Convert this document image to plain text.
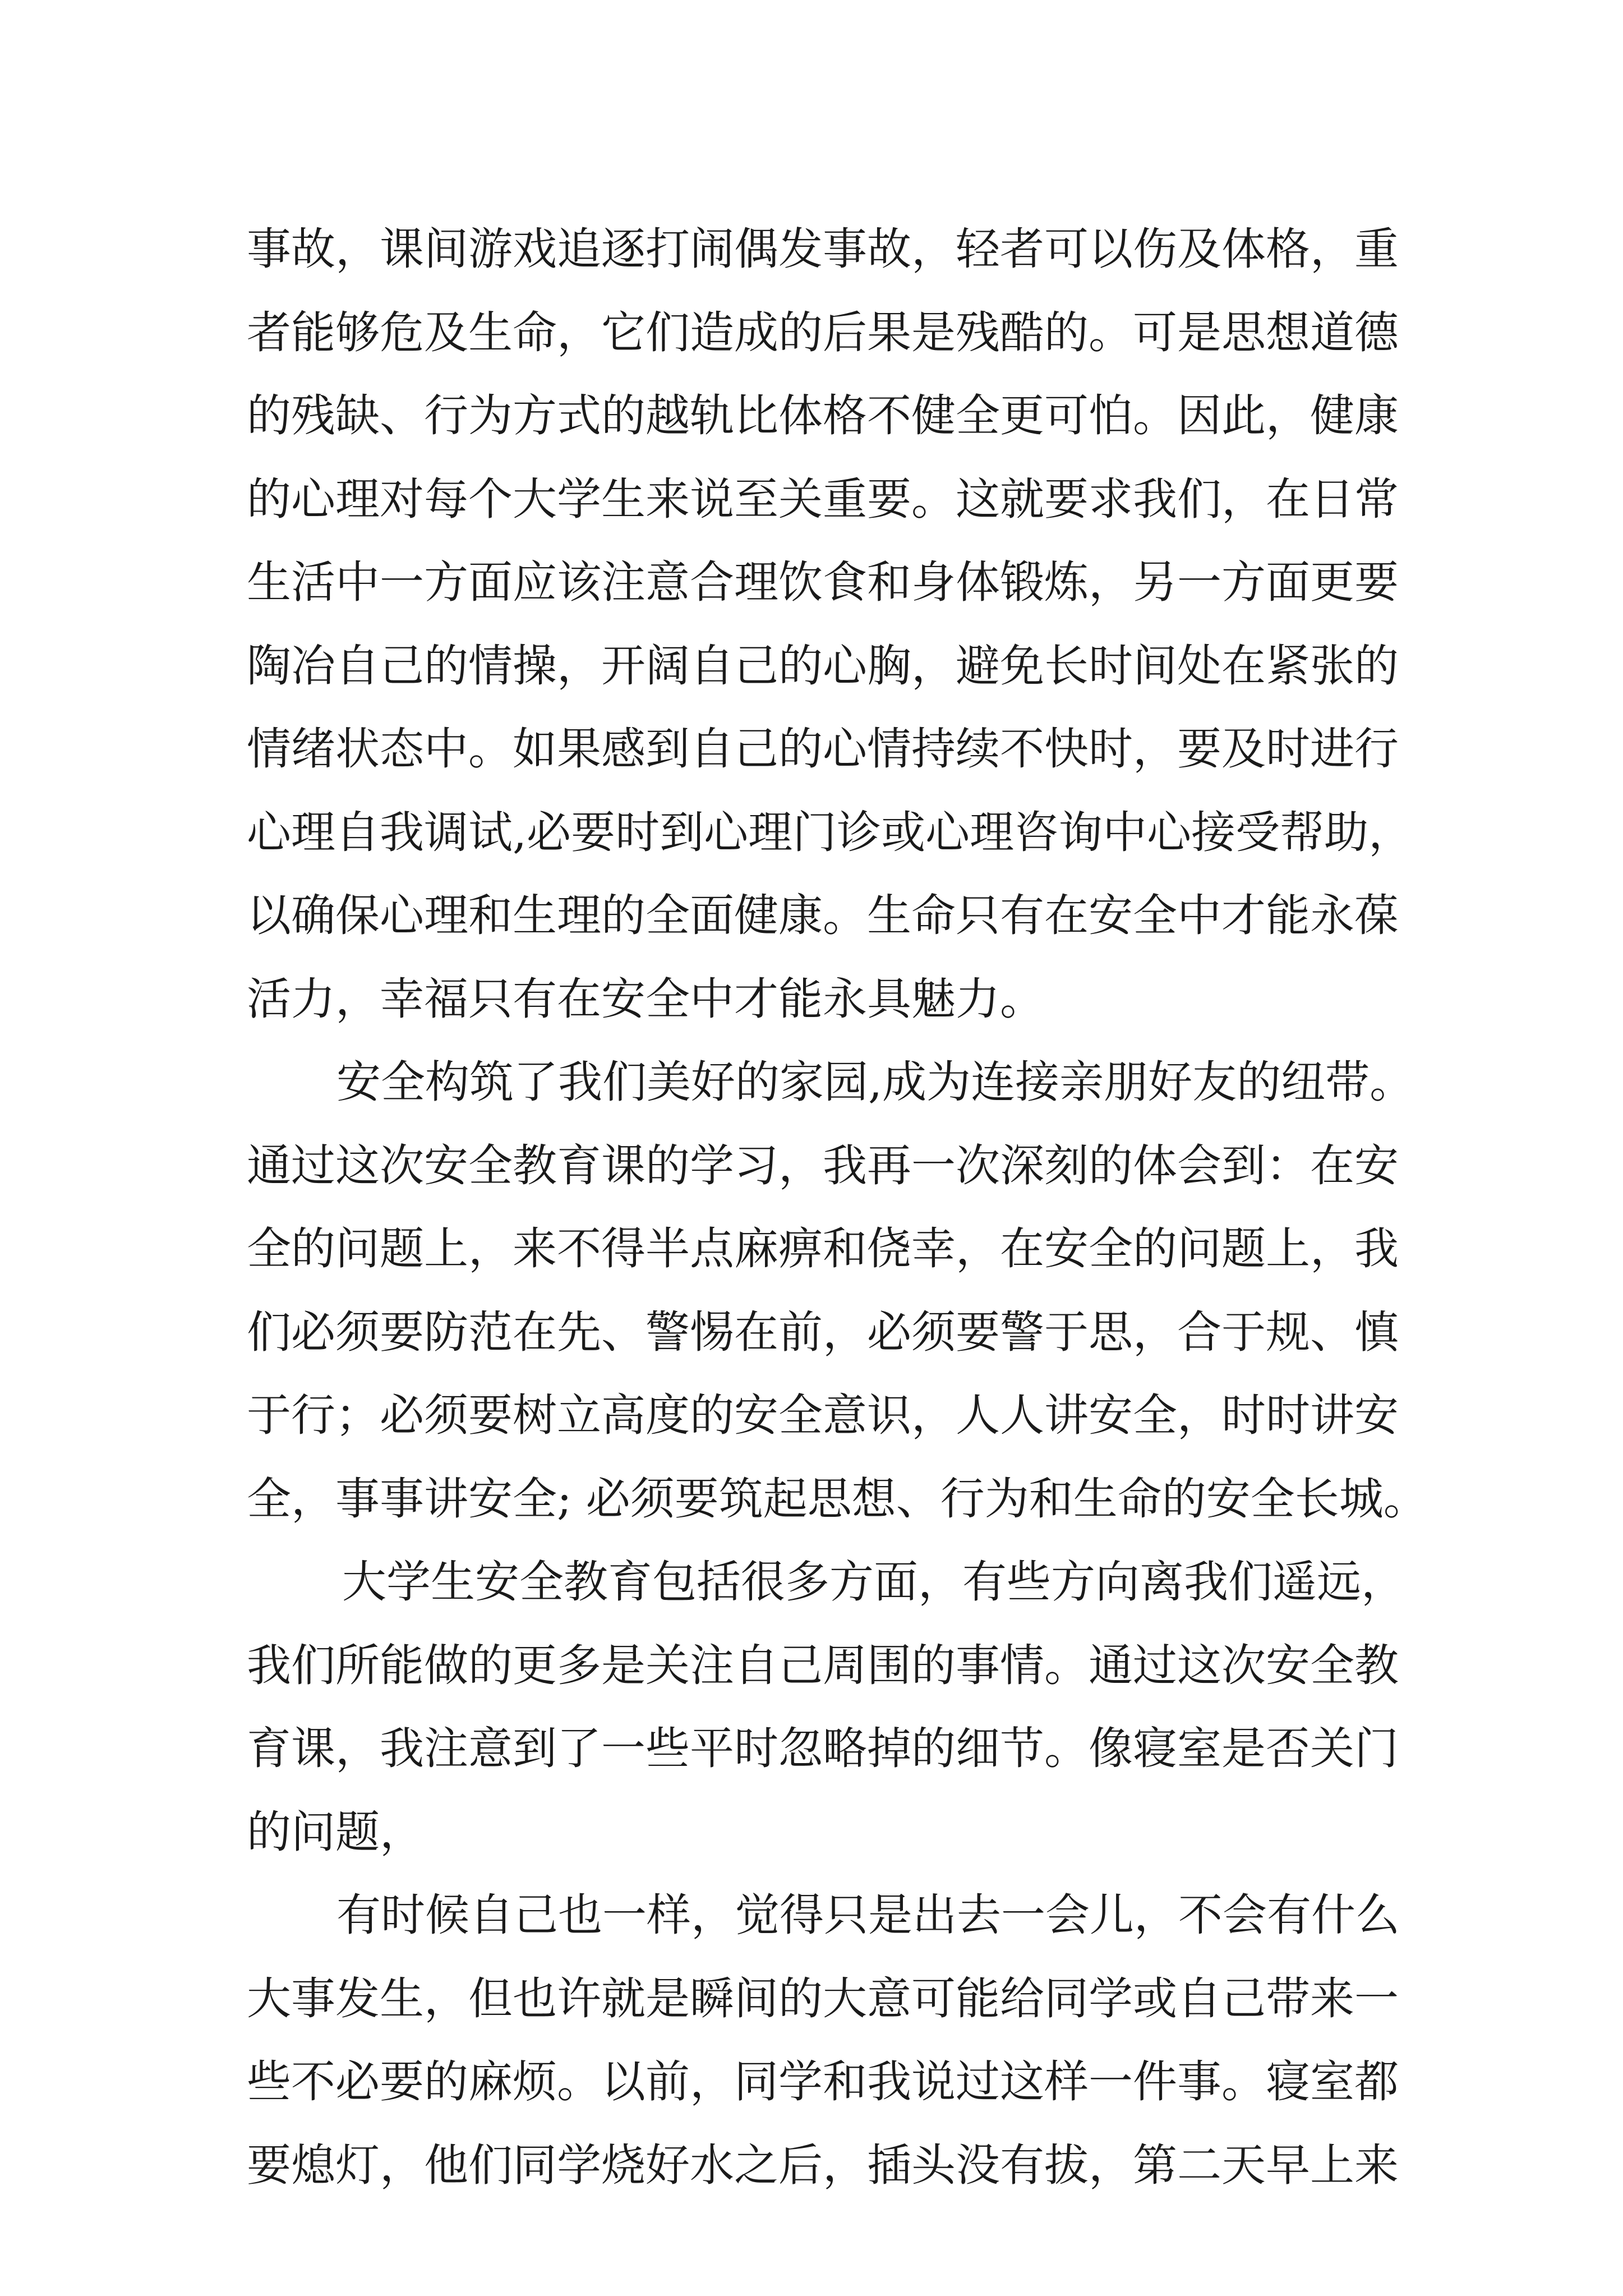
事故，课间游戏追逐打闹偶发事故，轻者可以伤及体格，重
者能够危及生命，它们造成的后果是残酷的。可是思想道德
的残缺、行为方式的越轨比体格不健全更可怕。因此，健康
的心理对每个大学生来说至关重要。这就要求我们，在日常
生活中一方面应该注意合理饮食和身体锻炼，另一方面更要
陶冶自己的情操，开阔自己的心胸，避免长时间处在紧张的
情绪状态中。如果感到自己的心情持续不快时，要及时进行
心理自我调试,必要时到心理门诊或心理咨询中心接受帮助，
以确保心理和生理的全面健康。生命只有在安全中才能永葆
活力，幸福只有在安全中才能永具魅力。
安全构筑了我们美好的家园,成为连接亲朋好友的纽带。
通过这次安全教育课的学习，我再一次深刻的体会到：在安
全的问题上，来不得半点麻痹和侥幸，在安全的问题上，我
们必须要防范在先、警惕在前，必须要警于思，合于规、慎
于行；必须要树立高度的安全意识，人人讲安全，时时讲安
全，事事讲安全; 必须要筑起思想、行为和生命的安全长城。
大学生安全教育包括很多方面，有些方向离我们遥远，
我们所能做的更多是关注自己周围的事情。通过这次安全教
育课，我注意到了一些平时忽略掉的细节。像寝室是否关门
的问题，
有时候自己也一样，觉得只是出去一会儿，不会有什么
大事发生，但也许就是瞬间的大意可能给同学或自己带来一
些不必要的麻烦。以前，同学和我说过这样一件事。寝室都
要熄灯，他们同学烧好水之后，插头没有拔，第二天早上来
